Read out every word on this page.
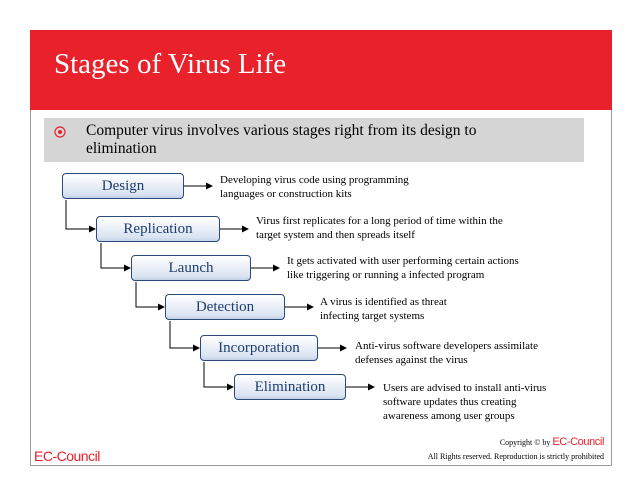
Stages of Virus Life
Computer virus involves various stages right from its design to elimination
Design
Replication
Launch
Detection
Incorporation
Elimination
Developing virus code using programming
languages or construction kits
Virus first replicates for a long period of time within the
target system and then spreads itself
It gets activated with user performing certain actions
like triggering or running a infected program
A virus is identified as threat
infecting target systems
Anti-virus software developers assimilate
defenses against the virus
Users are advised to install anti-virus
software updates thus creating
awareness among user groups
EC-Council
Copyright © by EC-Council
All Rights reserved. Reproduction is strictly prohibited
